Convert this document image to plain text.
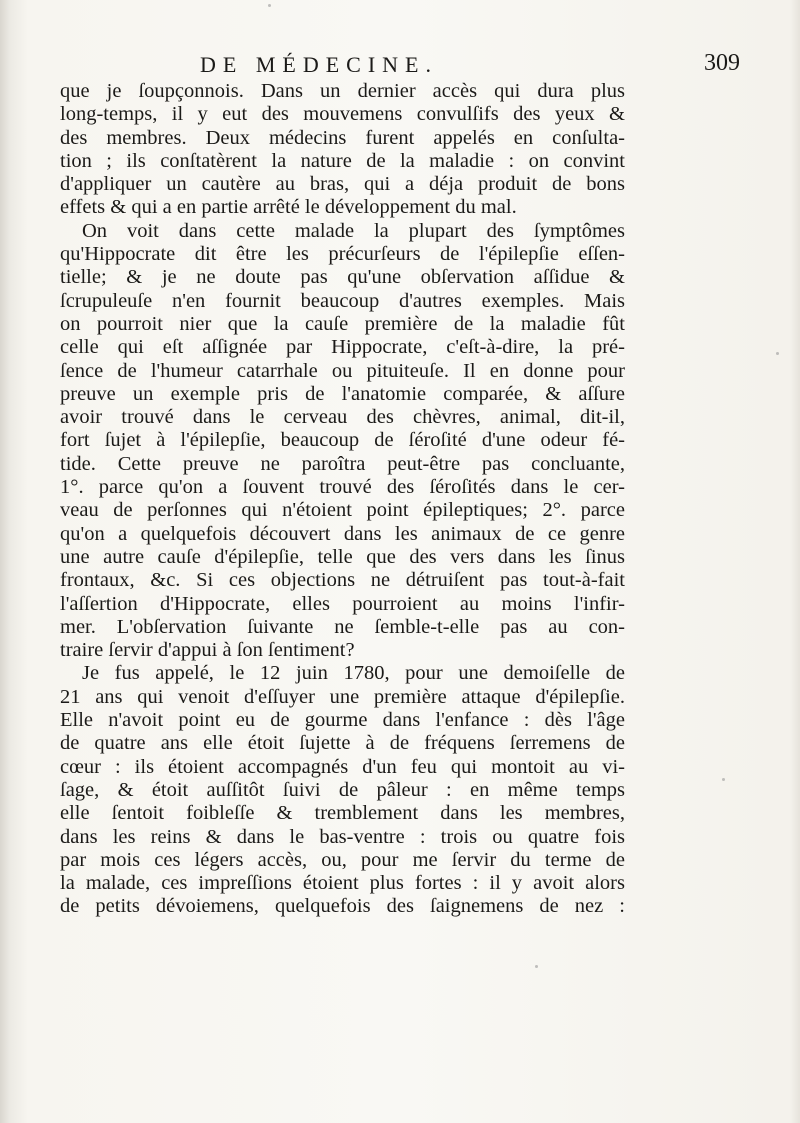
DE MÉDECINE.	309
que je ſoupçonnois. Dans un dernier accès qui dura plus
long-temps, il y eut des mouvemens convulſifs des yeux &
des membres. Deux médecins furent appelés en conſulta-
tion ; ils conſtatèrent la nature de la maladie : on convint
d'appliquer un cautère au bras, qui a déja produit de bons
effets & qui a en partie arrêté le développement du mal.
On voit dans cette malade la plupart des ſymptômes
qu'Hippocrate dit être les précurſeurs de l'épilepſie eſſen-
tielle; & je ne doute pas qu'une obſervation aſſidue &
ſcrupuleuſe n'en fournit beaucoup d'autres exemples. Mais
on pourroit nier que la cauſe première de la maladie fût
celle qui eſt aſſignée par Hippocrate, c'eſt-à-dire, la pré-
ſence de l'humeur catarrhale ou pituiteuſe. Il en donne pour
preuve un exemple pris de l'anatomie comparée, & aſſure
avoir trouvé dans le cerveau des chèvres, animal, dit-il,
fort ſujet à l'épilepſie, beaucoup de ſéroſité d'une odeur fé-
tide. Cette preuve ne paroîtra peut-être pas concluante,
1°. parce qu'on a ſouvent trouvé des ſéroſités dans le cer-
veau de perſonnes qui n'étoient point épileptiques; 2°. parce
qu'on a quelquefois découvert dans les animaux de ce genre
une autre cauſe d'épilepſie, telle que des vers dans les ſinus
frontaux, &c. Si ces objections ne détruiſent pas tout-à-fait
l'aſſertion d'Hippocrate, elles pourroient au moins l'infir-
mer. L'obſervation ſuivante ne ſemble-t-elle pas au con-
traire ſervir d'appui à ſon ſentiment?
Je fus appelé, le 12 juin 1780, pour une demoiſelle de
21 ans qui venoit d'eſſuyer une première attaque d'épilepſie.
Elle n'avoit point eu de gourme dans l'enfance : dès l'âge
de quatre ans elle étoit ſujette à de fréquens ſerremens de
cœur : ils étoient accompagnés d'un feu qui montoit au vi-
ſage, & étoit auſſitôt ſuivi de pâleur : en même temps
elle ſentoit foibleſſe & tremblement dans les membres,
dans les reins & dans le bas-ventre : trois ou quatre fois
par mois ces légers accès, ou, pour me ſervir du terme de
la malade, ces impreſſions étoient plus fortes : il y avoit alors
de petits dévoiemens, quelquefois des ſaignemens de nez :
